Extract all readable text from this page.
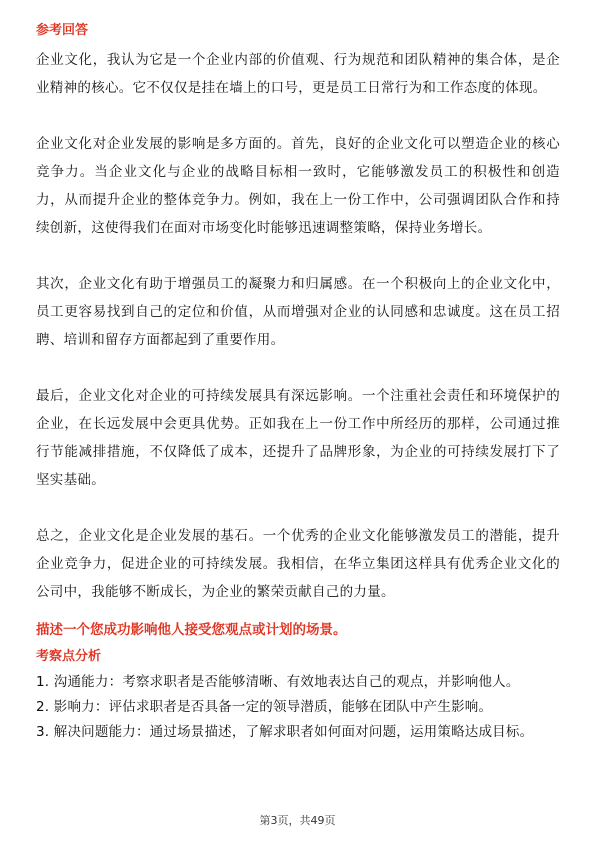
参考回答

企业文化，我认为它是一个企业内部的价值观、行为规范和团队精神的集合体，是企业精神的核心。它不仅仅是挂在墙上的口号，更是员工日常行为和工作态度的体现。

企业文化对企业发展的影响是多方面的。首先，良好的企业文化可以塑造企业的核心竞争力。当企业文化与企业的战略目标相一致时，它能够激发员工的积极性和创造力，从而提升企业的整体竞争力。例如，我在上一份工作中，公司强调团队合作和持续创新，这使得我们在面对市场变化时能够迅速调整策略，保持业务增长。

其次，企业文化有助于增强员工的凝聚力和归属感。在一个积极向上的企业文化中，员工更容易找到自己的定位和价值，从而增强对企业的认同感和忠诚度。这在员工招聘、培训和留存方面都起到了重要作用。

最后，企业文化对企业的可持续发展具有深远影响。一个注重社会责任和环境保护的企业，在长远发展中会更具优势。正如我在上一份工作中所经历的那样，公司通过推行节能减排措施，不仅降低了成本，还提升了品牌形象，为企业的可持续发展打下了坚实基础。

总之，企业文化是企业发展的基石。一个优秀的企业文化能够激发员工的潜能，提升企业竞争力，促进企业的可持续发展。我相信，在华立集团这样具有优秀企业文化的公司中，我能够不断成长，为企业的繁荣贡献自己的力量。

描述一个您成功影响他人接受您观点或计划的场景。
考察点分析

1. 沟通能力：考察求职者是否能够清晰、有效地表达自己的观点，并影响他人。

2. 影响力：评估求职者是否具备一定的领导潜质，能够在团队中产生影响。

3. 解决问题能力：通过场景描述，了解求职者如何面对问题，运用策略达成目标。

第3页，共49页
